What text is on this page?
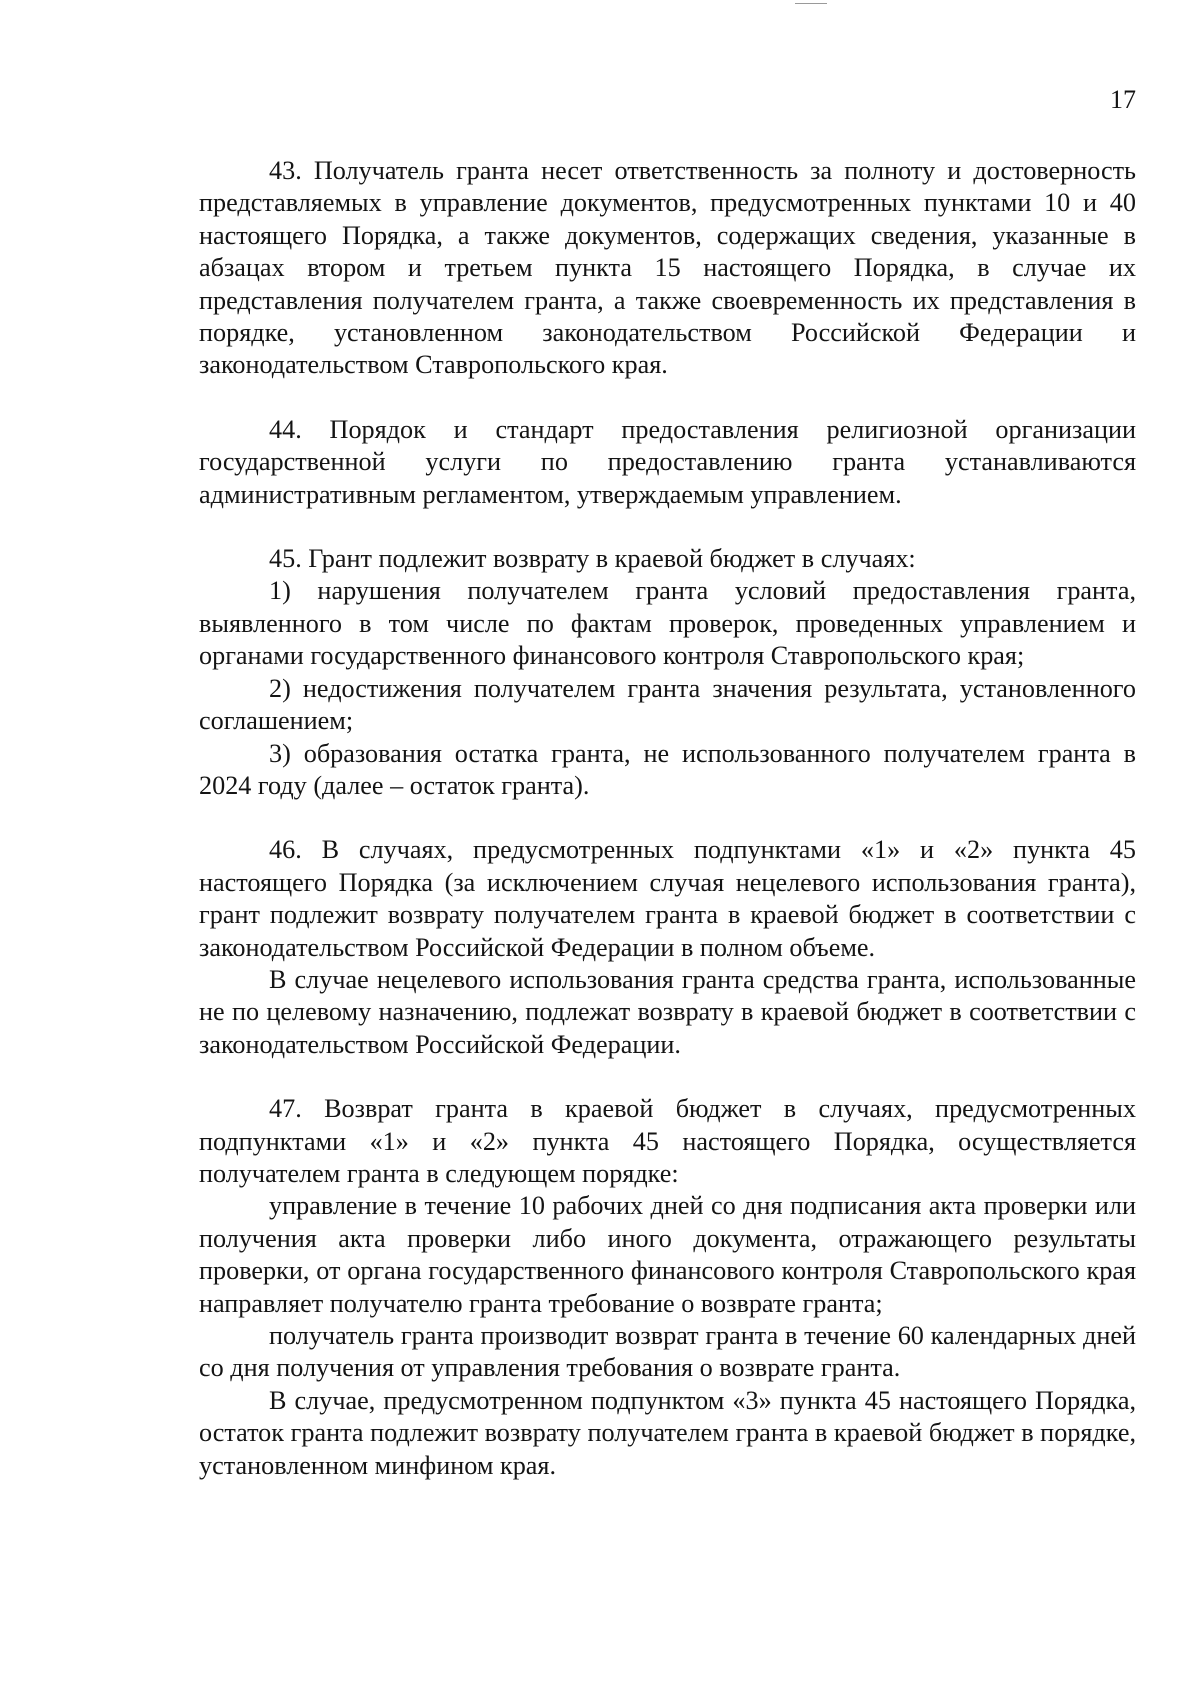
17

43. Получатель гранта несет ответственность за полноту и достоверность представляемых в управление документов, предусмотренных пунктами 10 и 40 настоящего Порядка, а также документов, содержащих сведения, указанные в абзацах втором и третьем пункта 15 настоящего Порядка, в случае их представления получателем гранта, а также своевременность их представления в порядке, установленном законодательством Российской Федерации и законодательством Ставропольского края.

44. Порядок и стандарт предоставления религиозной организации государственной услуги по предоставлению гранта устанавливаются административным регламентом, утверждаемым управлением.

45. Грант подлежит возврату в краевой бюджет в случаях:

1) нарушения получателем гранта условий предоставления гранта, выявленного в том числе по фактам проверок, проведенных управлением и органами государственного финансового контроля Ставропольского края;

2) недостижения получателем гранта значения результата, установленного соглашением;

3) образования остатка гранта, не использованного получателем гранта в 2024 году (далее – остаток гранта).

46. В случаях, предусмотренных подпунктами «1» и «2» пункта 45 настоящего Порядка (за исключением случая нецелевого использования гранта), грант подлежит возврату получателем гранта в краевой бюджет в соответствии с законодательством Российской Федерации в полном объеме.

В случае нецелевого использования гранта средства гранта, использованные не по целевому назначению, подлежат возврату в краевой бюджет в соответствии с законодательством Российской Федерации.

47. Возврат гранта в краевой бюджет в случаях, предусмотренных подпунктами «1» и «2» пункта 45 настоящего Порядка, осуществляется получателем гранта в следующем порядке:

управление в течение 10 рабочих дней со дня подписания акта проверки или получения акта проверки либо иного документа, отражающего результаты проверки, от органа государственного финансового контроля Ставропольского края направляет получателю гранта требование о возврате гранта;

получатель гранта производит возврат гранта в течение 60 календарных дней со дня получения от управления требования о возврате гранта.

В случае, предусмотренном подпунктом «3» пункта 45 настоящего Порядка, остаток гранта подлежит возврату получателем гранта в краевой бюджет в порядке, установленном минфином края.
